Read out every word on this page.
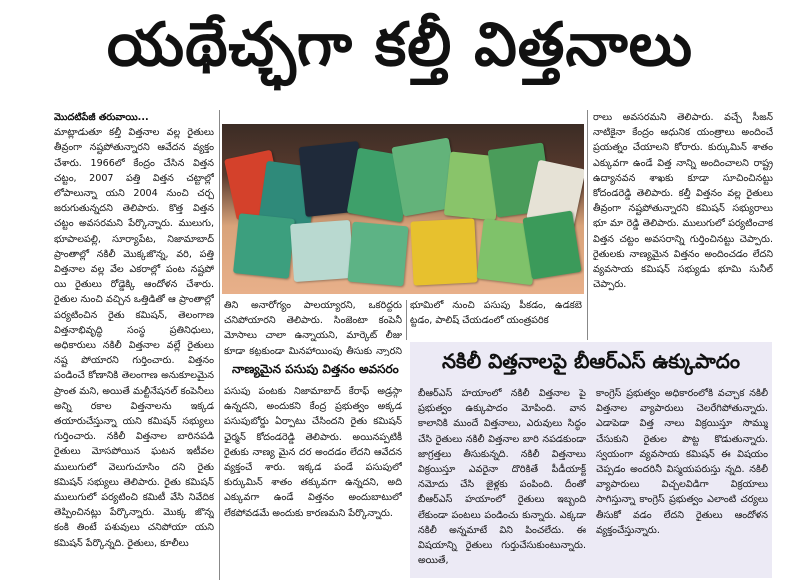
యథేచ్ఛగా కల్తీ విత్తనాలు

మొదటిపేజీ తరువాయి...

మాట్లాడుతూ కల్తీ విత్తనాల వల్ల రైతులు తీవ్రంగా నష్టపోతున్నారని ఆవేదన వ్యక్తం చేశారు. 1966లో కేంద్రం చేసిన విత్తన చట్టం, 2007 పత్తి విత్తన చట్టాల్లో లోపాలున్నా యని 2004 నుంచి చర్చ జరుగుతున్నదని తెలిపారు. కొత్త విత్తన చట్టం అవసరమని పేర్కొన్నారు. ములుగు, భూపాలపల్లి, సూర్యాపేట, నిజామాబాద్ ప్రాంతాల్లో నకిలీ మొక్కజొన్న, వరి, పత్తి విత్తనాల వల్ల వేల ఎకరాల్లో పంట నష్టపో యి రైతులు రోడ్డెక్కి ఆందోళన చేశారు. రైతుల నుంచి వచ్చిన ఒత్తిడితో ఆ ప్రాంతాల్లో పర్యటించిన రైతు కమిషన్, తెలంగాణ విత్తనాభివృద్ధి సంస్థ ప్రతినిధులు, అధికారులు నకిలీ విత్తనాల వల్లే రైతులు నష్ట పోయారని గుర్తించారు. విత్తనం పండించే కోణానికి తెలంగాణ అనుకూలమైన ప్రాంత మని, అయితే మల్టీనేషనల్ కంపెనీలు అన్ని రకాల విత్తనాలను ఇక్కడ తయారుచేస్తున్నా యని కమిషన్ సభ్యులు గుర్తించారు. నకిలీ విత్తనాల బారినపడి రైతులు మోసపోయిన ఘటన ఇటీవల ములుగులో వెలుగుచూసిం దని రైతు కమిషన్ సభ్యులు తెలిపారు. రైతు కమిషన్ ములుగులో పర్యటించి కమిటీ వేసి నివేదిక తెప్పించినట్లు పేర్కొన్నారు. మొక్క జొన్న కంకి తింటే పశువులు చనిపోయా యని కమిషన్ పేర్కొన్నది. రైతులు, కూలీలు

తిని అనారోగ్యం పాలయ్యారని, ఒకరిద్దరు చనిపోయారని తెలిపారు. సింజెంటా కంపెనీ మోసాలు చాలా ఉన్నాయని, మార్కెట్ లీజు కూడా కట్టకుండా మినహాయింపు తీసుకు న్నారని

నాణ్యమైన పసుపు విత్తనం అవసరం

పసుపు పంటకు నిజామాబాద్ కేరాఫ్ అడ్రస్గా ఉన్నదని, అందుకని కేంద్ర ప్రభుత్వం అక్కడ పసుపుబోర్డు ఏర్పాటు చేసిందని రైతు కమిషన్ ఛైర్మన్ కోదండరెడ్డి తెలిపారు. అయినప్పటికీ రైతుకు నాణ్య మైన దర అందడం లేదని ఆవేదన వ్యక్తంచే శారు. ఇక్కడ పండే పసుపులో కుర్కుమిన్ శాతం తక్కువగా ఉన్నదని, అది ఎక్కువగా ఉండే విత్తనం అందుబాటులో లేకపోవడమే అందుకు కారణమని పేర్కొన్నారు.

భూమిలో నుంచి పసుపు పీకడం, ఉడకబె ట్టడం, పాలిష్ చేయడంలో యంత్రపరిక

రాలు అవసరమని తెలిపారు. వచ్చే సీజన్ నాటికైనా కేంద్రం ఆధునిక యంత్రాలు అందించే ప్రయత్నం చేయాలని కోరారు. కుర్కుమిన్ శాతం ఎక్కువగా ఉండే విత్త నాన్ని అందించాలని రాష్ట్ర ఉద్యానవన శాఖకు కూడా సూచించినట్టు కోదండరెడ్డి తెలిపారు. కల్తీ విత్తనం వల్ల రైతులు తీవ్రంగా నష్టపోతున్నారని కమిషన్ సభ్యురాలు భూ మా రెడ్డి తెలిపారు. ములుగులో పర్యటించాక విత్తన చట్టం అవసరాన్ని గుర్తించినట్టు చెప్పారు. రైతులకు నాణ్యమైన విత్తనం అందించడం లేదని వ్యవసాయ కమిషన్ సభ్యుడు భూమి సునీల్ చెప్పారు.

నకిలీ విత్తనాలపై బీఆర్ఎస్ ఉక్కుపాదం

బీఆర్ఎస్ హయాంలో నకిలీ విత్తనాల పై ప్రభుత్వం ఉక్కుపాదం మోపింది. వాన కాలానికి ముందే విత్తనాలు, ఎరువులు సిద్ధం చేసి రైతులు నకిలీ విత్తనాల బారి నపడకుండా జాగ్రత్తలు తీసుకున్నది. నకిలీ విత్తనాలు విక్రయిస్తూ ఎవరైనా దొరికితే పీడీయాక్ట్ నమోదు చేసి జైళ్లకు పంపింది. దీంతో బీఆర్ఎస్ హయాంలో రైతులు ఇబ్బంది లేకుండా పంటలు పండించు కున్నారు. ఎక్కడా నకిలీ అన్నమాటే విని పించలేదు. ఈ విషయాన్ని రైతులు గుర్తుచేసుకుంటున్నారు. అయితే,

కాంగ్రెస్ ప్రభుత్వం అధికారంలోకి వచ్చాక నకిలీ విత్తనాల వ్యాపారులు చెలరేగిపోతున్నారు. ఎడాపెడా విత్త నాలు విక్రయిస్తూ సొమ్ము చేసుకుని రైతుల పొట్ట కొడుతున్నారు. స్వయంగా వ్యవసాయ కమిషన్ ఈ విషయం చెప్పడం అందరినీ విస్మయపరుస్తు న్నది. నకిలీ వ్యాపారులు విచ్చలవిడిగా విక్రయాలు సాగిస్తున్నా కాంగ్రెస్ ప్రభుత్వం ఎలాంటి చర్యలు తీసుకో వడం లేదని రైతులు ఆందోళన వ్యక్తంచేస్తున్నారు.
